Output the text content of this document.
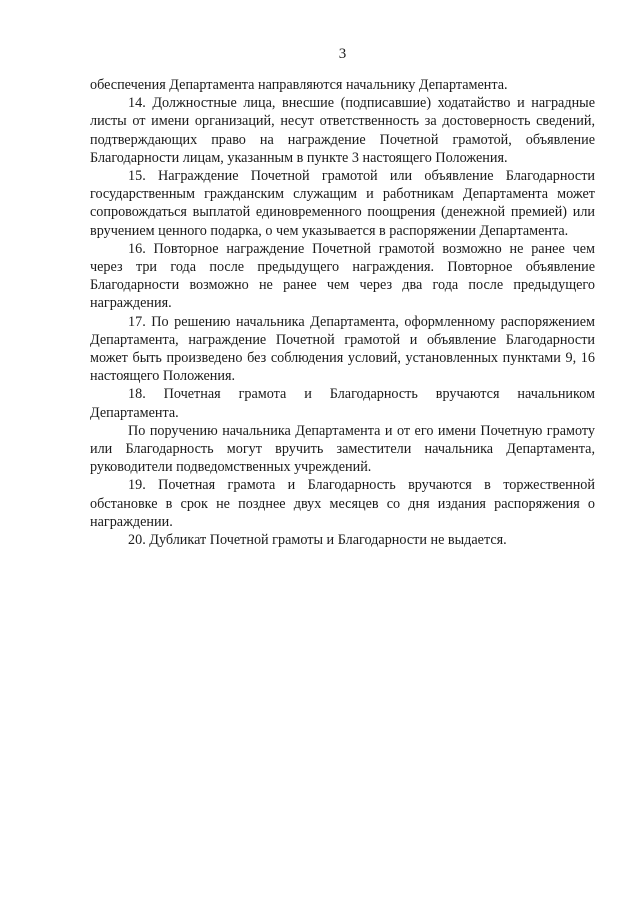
3

обеспечения Департамента направляются начальнику Департамента.

14. Должностные лица, внесшие (подписавшие) ходатайство и наградные листы от имени организаций, несут ответственность за достоверность сведений, подтверждающих право на награждение Почетной грамотой, объявление Благодарности лицам, указанным в пункте 3 настоящего Положения.

15. Награждение Почетной грамотой или объявление Благодарности государственным гражданским служащим и работникам Департамента может сопровождаться выплатой единовременного поощрения (денежной премией) или вручением ценного подарка, о чем указывается в распоряжении Департамента.

16. Повторное награждение Почетной грамотой возможно не ранее чем через три года после предыдущего награждения. Повторное объявление Благодарности возможно не ранее чем через два года после предыдущего награждения.

17. По решению начальника Департамента, оформленному распоряжением Департамента, награждение Почетной грамотой и объявление Благодарности может быть произведено без соблюдения условий, установленных пунктами 9, 16 настоящего Положения.

18. Почетная грамота и Благодарность вручаются начальником Департамента.

По поручению начальника Департамента и от его имени Почетную грамоту или Благодарность могут вручить заместители начальника Департамента, руководители подведомственных учреждений.

19. Почетная грамота и Благодарность вручаются в торжественной обстановке в срок не позднее двух месяцев со дня издания распоряжения о награждении.

20. Дубликат Почетной грамоты и Благодарности не выдается.
